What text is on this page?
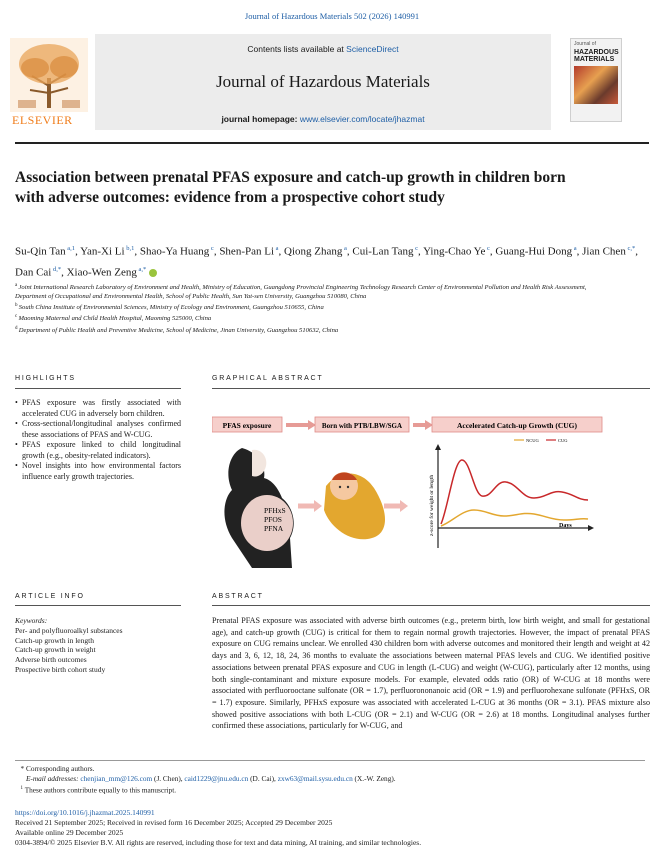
Journal of Hazardous Materials 502 (2026) 140991
ELSEVIER
Contents lists available at ScienceDirect
Journal of Hazardous Materials
journal homepage: www.elsevier.com/locate/jhazmat
Journal of
HAZARDOUS MATERIALS
Association between prenatal PFAS exposure and catch-up growth in children born with adverse outcomes: evidence from a prospective cohort study
Su-Qin Tan $^{a,1}$, Yan-Xi Li $^{b,1}$, Shao-Ya Huang $^c$, Shen-Pan Li $^a$, Qiong Zhang $^a$, Cui-Lan Tang $^c$, Ying-Chao Ye $^c$, Guang-Hui Dong $^a$, Jian Chen $^{c,*}$, Dan Cai $^{d,*}$, Xiao-Wen Zeng $^{a,*}$
$^a$ Joint International Research Laboratory of Environment and Health, Ministry of Education, Guangdong Provincial Engineering Technology Research Center of Environmental Pollution and Health Risk Assessment, Department of Occupational and Environmental Health, School of Public Health, Sun Yat-sen University, Guangzhou 510080, China
$^b$ South China Institute of Environmental Sciences, Ministry of Ecology and Environment, Guangzhou 510655, China
$^c$ Maoming Maternal and Child Health Hospital, Maoming 525000, China
$^d$ Department of Public Health and Preventive Medicine, School of Medicine, Jinan University, Guangzhou 510632, China
HIGHLIGHTS
• PFAS exposure was firstly associated with accelerated CUG in adversely born children.
• Cross-sectional/longitudinal analyses confirmed these associations of PFAS and W-CUG.
• PFAS exposure linked to child longitudinal growth (e.g., obesity-related indicators).
• Novel insights into how environmental factors influence early growth trajectories.
GRAPHICAL ABSTRACT
PFAS exposure	Born with PTB/LBW/SGA	Accelerated Catch-up Growth (CUG)
PFHxS
PFOS
PFNA
NCUG	CUG
Days
z-score for weight or length
ARTICLE INFO
Keywords:
Per- and polyfluoroalkyl substances
Catch-up growth in length
Catch-up growth in weight
Adverse birth outcomes
Prospective birth cohort study
ABSTRACT
Prenatal PFAS exposure was associated with adverse birth outcomes (e.g., preterm birth, low birth weight, and small for gestational age), and catch-up growth (CUG) is critical for them to regain normal growth trajectories. However, the impact of prenatal PFAS exposure on CUG remains unclear. We enrolled 430 children born with adverse outcomes and monitored their length and weight at 42 days and 3, 6, 12, 18, 24, 36 months to evaluate the associations between maternal PFAS levels and CUG. We identified positive associations between prenatal PFAS exposure and CUG in length (L-CUG) and weight (W-CUG), particularly after 12 months, using both single-contaminant and mixture exposure models. For example, elevated odds ratio (OR) of W-CUG at 18 months were associated with perfluorooctane sulfonate (OR = 1.7), perfluorononanoic acid (OR = 1.9) and perfluorohexane sulfonate (PFHxS, OR = 1.7) exposure. Similarly, PFHxS exposure was associated with accelerated L-CUG at 36 months (OR = 3.1). PFAS mixture also showed positive associations with both L-CUG (OR = 2.1) and W-CUG (OR = 2.6) at 18 months. Longitudinal analyses further confirmed these associations, particularly for W-CUG, and
* Corresponding authors.
E-mail addresses: chenjian_mm@126.com (J. Chen), caid1229@jnu.edu.cn (D. Cai), zxw63@mail.sysu.edu.cn (X.-W. Zeng).
$^1$ These authors contribute equally to this manuscript.
https://doi.org/10.1016/j.jhazmat.2025.140991
Received 21 September 2025; Received in revised form 16 December 2025; Accepted 29 December 2025
Available online 29 December 2025
0304-3894/© 2025 Elsevier B.V. All rights are reserved, including those for text and data mining, AI training, and similar technologies.
